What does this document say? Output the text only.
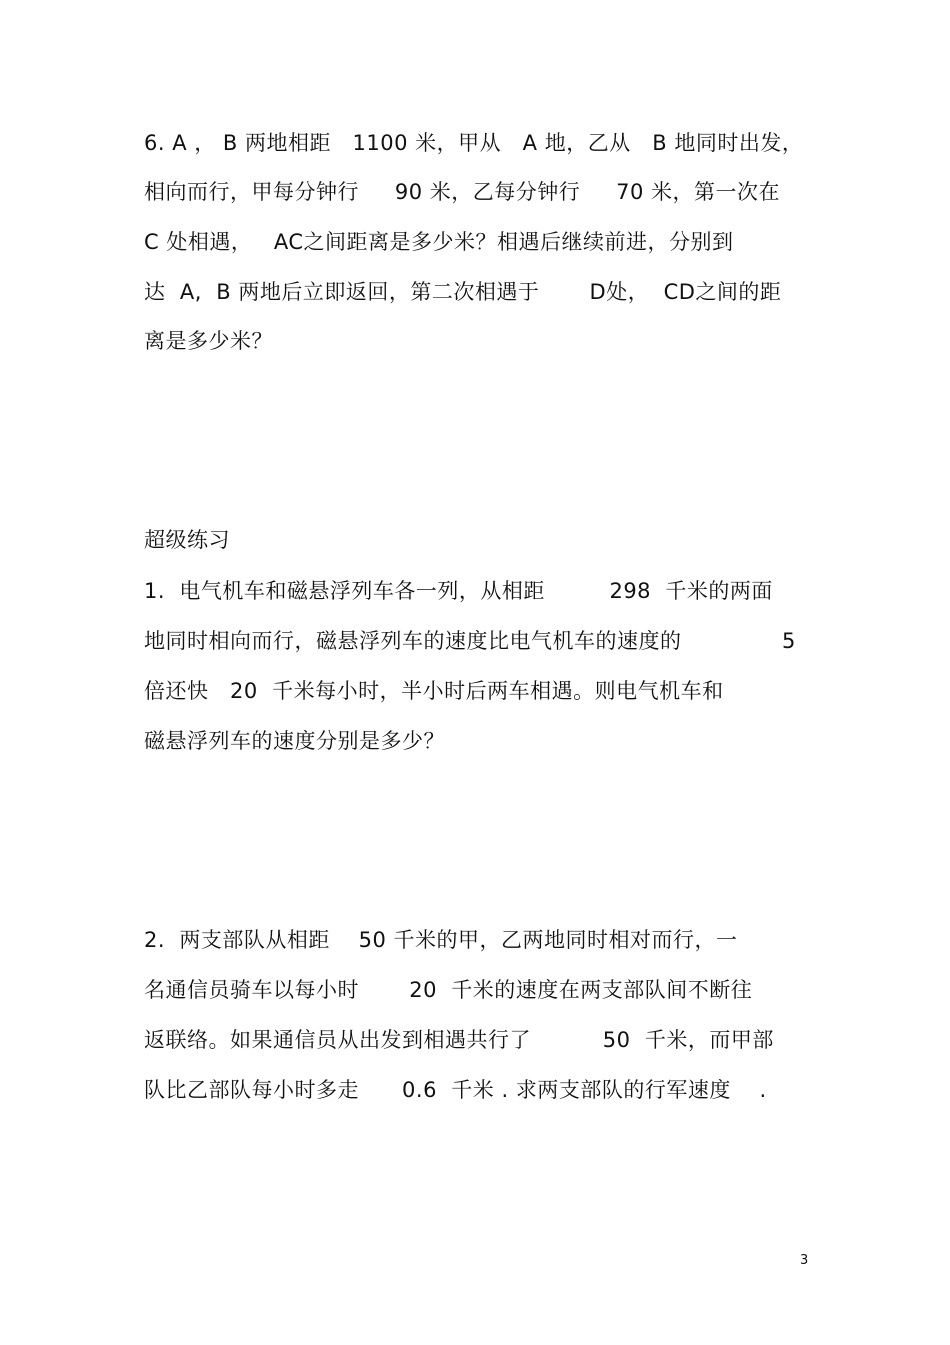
6. A ， B 两地相距   1100 米，甲从   A 地，乙从   B 地同时出发，
相向而行，甲每分钟行     90 米，乙每分钟行     70 米，第一次在
C 处相遇，   AC之间距离是多少米？相遇后继续前进，分别到
达  A,  B 两地后立即返回，第二次相遇于       D处，  CD之间的距
离是多少米？
超级练习
1.  电气机车和磁悬浮列车各一列，从相距         298  千米的两面
地同时相向而行，磁悬浮列车的速度比电气机车的速度的              5
倍还快   20  千米每小时，半小时后两车相遇。则电气机车和
磁悬浮列车的速度分别是多少？
2.  两支部队从相距    50 千米的甲，乙两地同时相对而行，一
名通信员骑车以每小时       20  千米的速度在两支部队间不断往
返联络。如果通信员从出发到相遇共行了          50  千米，而甲部
队比乙部队每小时多走      0.6  千米 . 求两支部队的行军速度    .
3
